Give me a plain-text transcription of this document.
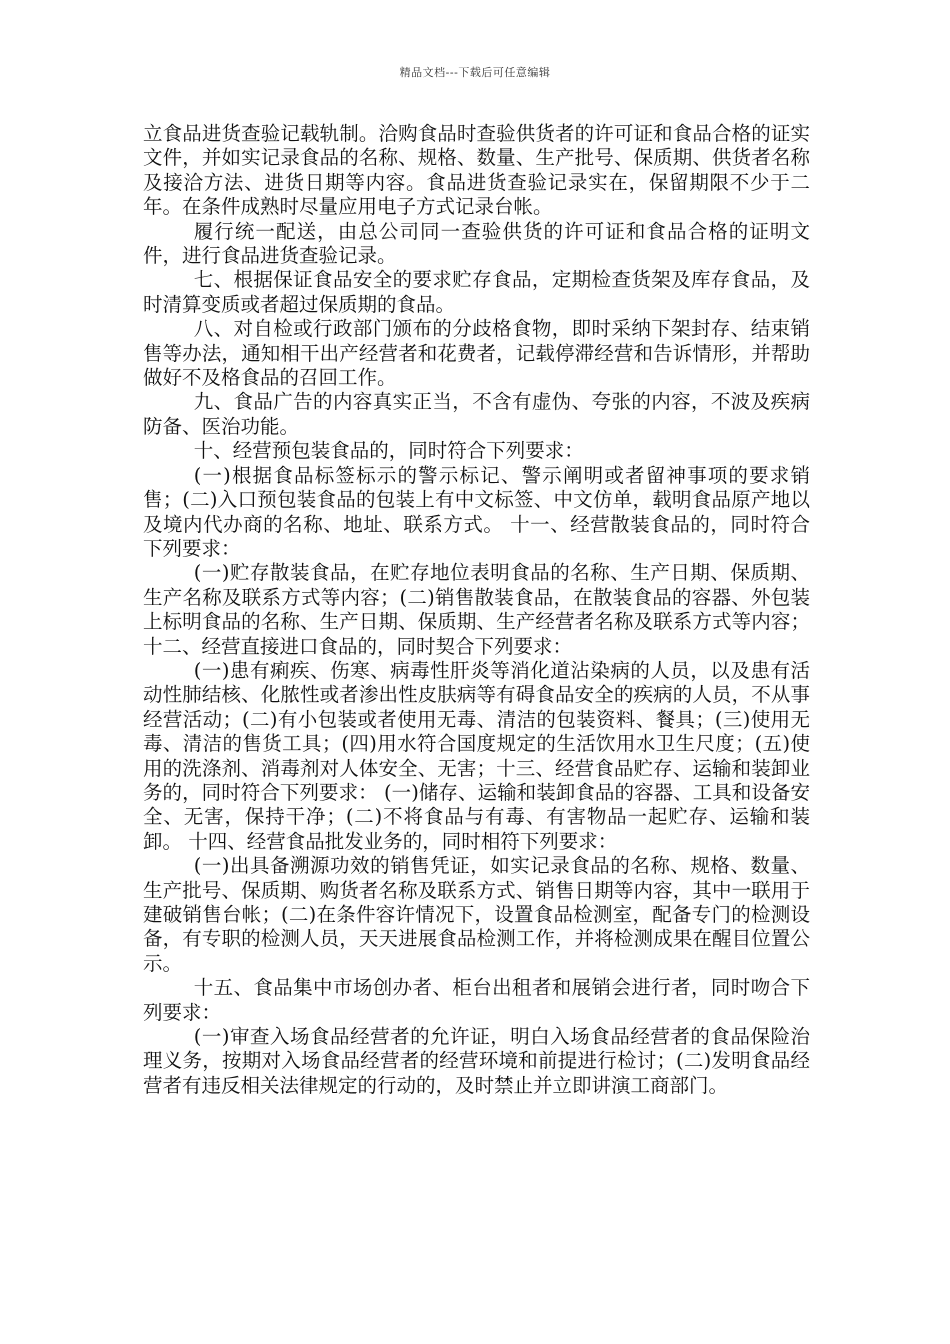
精品文档---下载后可任意编辑

立食品进货查验记载轨制。洽购食品时查验供货者的许可证和食品合格的证实文件，并如实记录食品的名称、规格、数量、生产批号、保质期、供货者名称及接洽方法、进货日期等内容。食品进货查验记录实在，保留期限不少于二年。在条件成熟时尽量应用电子方式记录台帐。

履行统一配送，由总公司同一查验供货的许可证和食品合格的证明文件，进行食品进货查验记录。

七、根据保证食品安全的要求贮存食品，定期检查货架及库存食品，及时清算变质或者超过保质期的食品。

八、对自检或行政部门颁布的分歧格食物，即时采纳下架封存、结束销售等办法，通知相干出产经营者和花费者，记载停滞经营和告诉情形，并帮助做好不及格食品的召回工作。

九、食品广告的内容真实正当，不含有虚伪、夸张的内容，不波及疾病防备、医治功能。

十、经营预包装食品的，同时符合下列要求：

(一)根据食品标签标示的警示标记、警示阐明或者留神事项的要求销售；(二)入口预包装食品的包装上有中文标签、中文仿单，载明食品原产地以及境内代办商的名称、地址、联系方式。 十一、经营散装食品的，同时符合下列要求：

(一)贮存散装食品，在贮存地位表明食品的名称、生产日期、保质期、生产名称及联系方式等内容；(二)销售散装食品，在散装食品的容器、外包装上标明食品的名称、生产日期、保质期、生产经营者名称及联系方式等内容；十二、经营直接进口食品的，同时契合下列要求：

(一)患有痢疾、伤寒、病毒性肝炎等消化道沾染病的人员，以及患有活动性肺结核、化脓性或者渗出性皮肤病等有碍食品安全的疾病的人员，不从事经营活动；(二)有小包装或者使用无毒、清洁的包装资料、餐具；(三)使用无毒、清洁的售货工具；(四)用水符合国度规定的生活饮用水卫生尺度；(五)使用的洗涤剂、消毒剂对人体安全、无害；十三、经营食品贮存、运输和装卸业务的，同时符合下列要求： (一)储存、运输和装卸食品的容器、工具和设备安全、无害，保持干净；(二)不将食品与有毒、有害物品一起贮存、运输和装卸。 十四、经营食品批发业务的，同时相符下列要求：

(一)出具备溯源功效的销售凭证，如实记录食品的名称、规格、数量、生产批号、保质期、购货者名称及联系方式、销售日期等内容，其中一联用于建破销售台帐；(二)在条件容许情况下，设置食品检测室，配备专门的检测设备，有专职的检测人员，天天进展食品检测工作，并将检测成果在醒目位置公示。

十五、食品集中市场创办者、柜台出租者和展销会进行者，同时吻合下列要求：

(一)审查入场食品经营者的允许证，明白入场食品经营者的食品保险治理义务，按期对入场食品经营者的经营环境和前提进行检讨；(二)发明食品经营者有违反相关法律规定的行动的，及时禁止并立即讲演工商部门。
